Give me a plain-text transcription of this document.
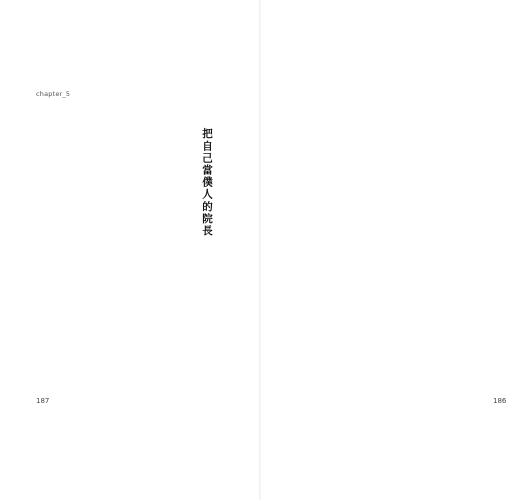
chapter_5
把自己當僕人的院長
187	186
